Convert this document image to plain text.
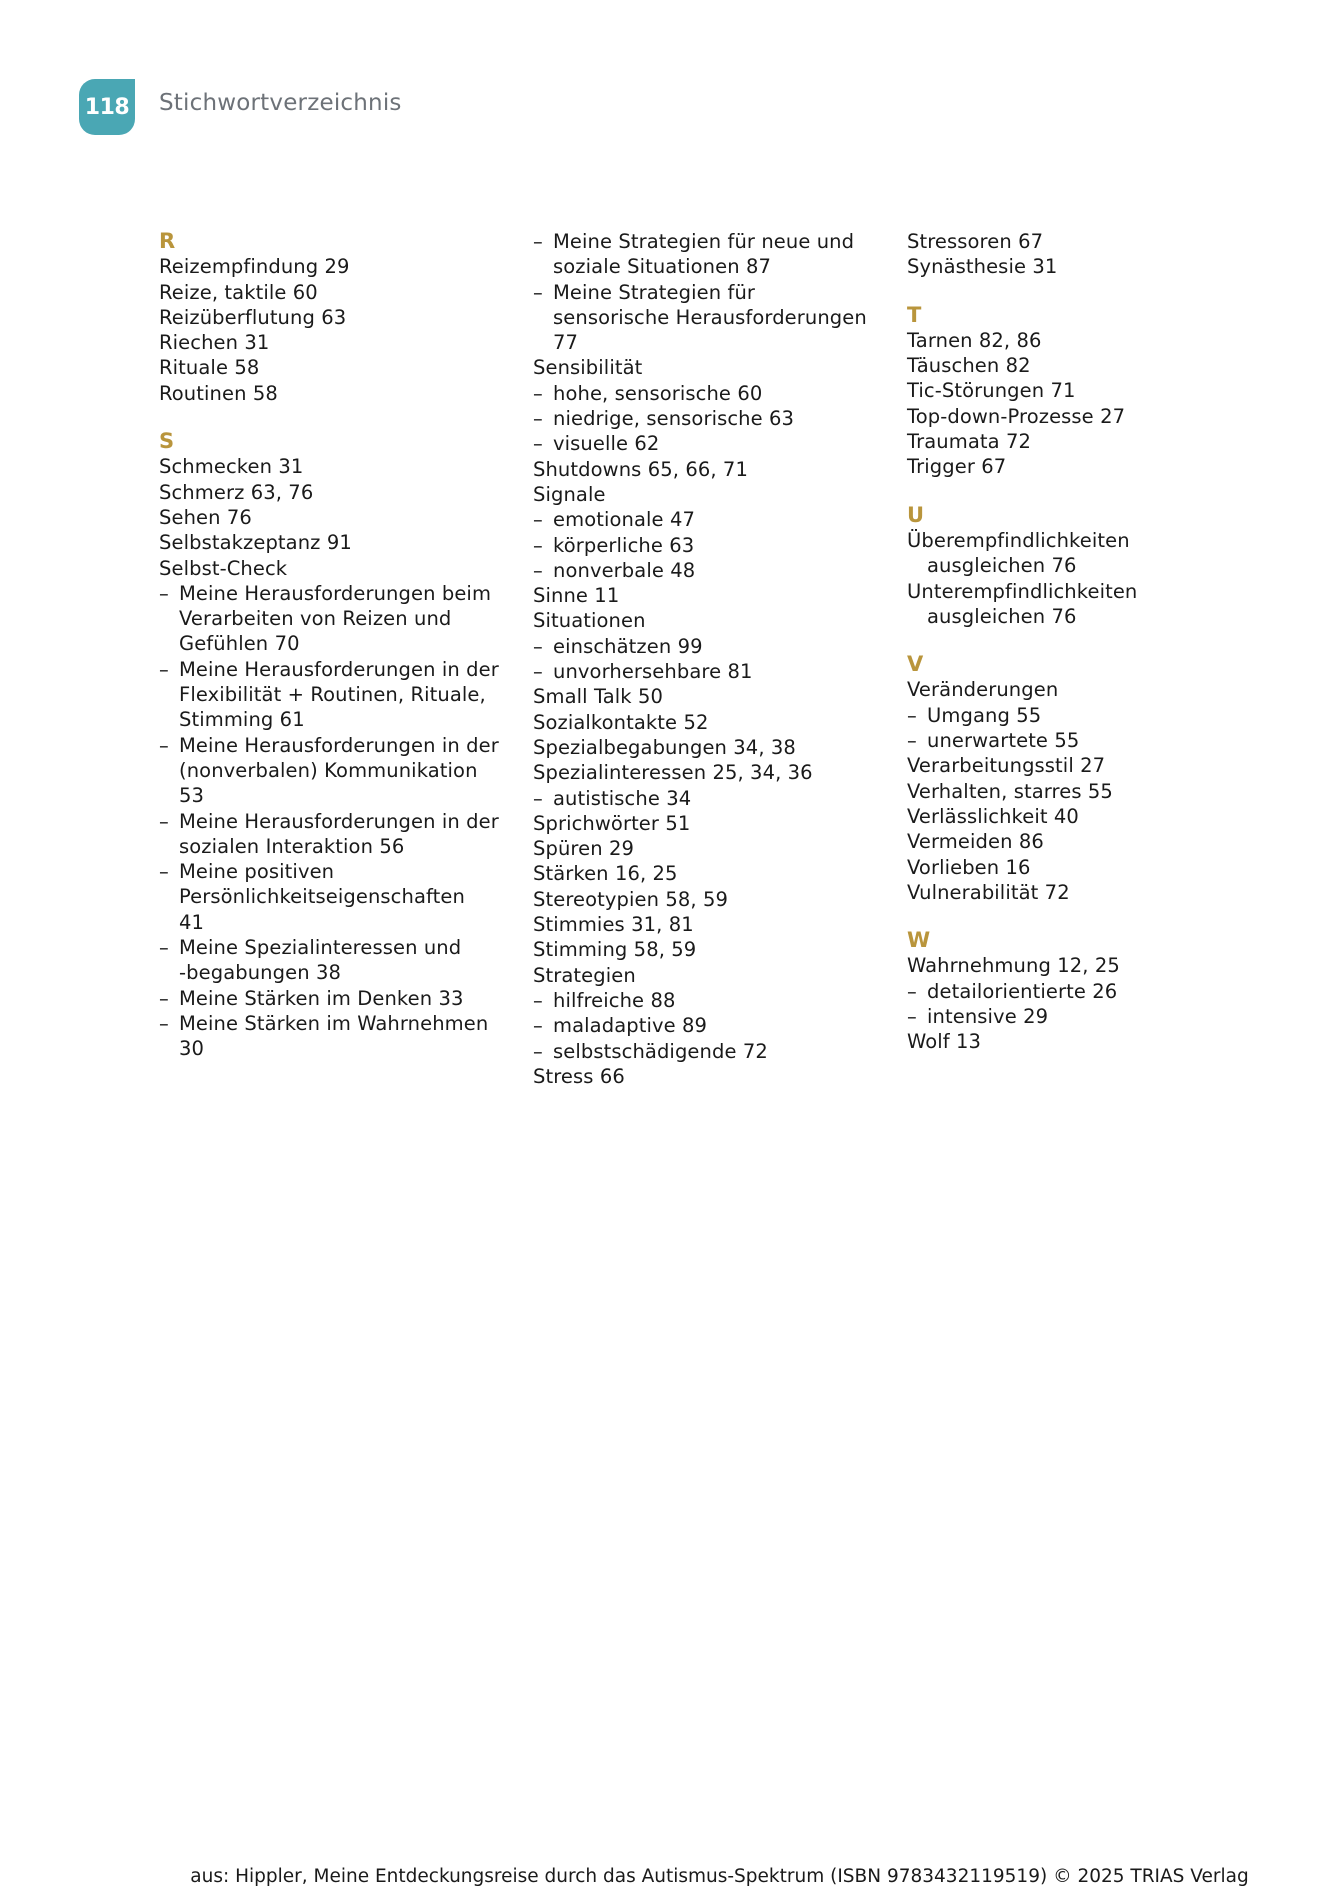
118 Stichwortverzeichnis
R
Reizempfindung 29
Reize, taktile 60
Reizüberflutung 63
Riechen 31
Rituale 58
Routinen 58
S
Schmecken 31
Schmerz 63, 76
Sehen 76
Selbstakzeptanz 91
Selbst-Check
– Meine Herausforderungen beim
Verarbeiten von Reizen und
Gefühlen 70
– Meine Herausforderungen in der
Flexibilität + Routinen, Rituale,
Stimming 61
– Meine Herausforderungen in der
(nonverbalen) Kommunikation
53
– Meine Herausforderungen in der
sozialen Interaktion 56
– Meine positiven
Persönlichkeitseigenschaften
41
– Meine Spezialinteressen und
-begabungen 38
– Meine Stärken im Denken 33
– Meine Stärken im Wahrnehmen
30
– Meine Strategien für neue und
soziale Situationen 87
– Meine Strategien für
sensorische Herausforderungen
77
Sensibilität
– hohe, sensorische 60
– niedrige, sensorische 63
– visuelle 62
Shutdowns 65, 66, 71
Signale
– emotionale 47
– körperliche 63
– nonverbale 48
Sinne 11
Situationen
– einschätzen 99
– unvorhersehbare 81
Small Talk 50
Sozialkontakte 52
Spezialbegabungen 34, 38
Spezialinteressen 25, 34, 36
– autistische 34
Sprichwörter 51
Spüren 29
Stärken 16, 25
Stereotypien 58, 59
Stimmies 31, 81
Stimming 58, 59
Strategien
– hilfreiche 88
– maladaptive 89
– selbstschädigende 72
Stress 66
Stressoren 67
Synästhesie 31
T
Tarnen 82, 86
Täuschen 82
Tic-Störungen 71
Top-down-Prozesse 27
Traumata 72
Trigger 67
U
Überempfindlichkeiten
ausgleichen 76
Unterempfindlichkeiten
ausgleichen 76
V
Veränderungen
– Umgang 55
– unerwartete 55
Verarbeitungsstil 27
Verhalten, starres 55
Verlässlichkeit 40
Vermeiden 86
Vorlieben 16
Vulnerabilität 72
W
Wahrnehmung 12, 25
– detailorientierte 26
– intensive 29
Wolf 13
aus: Hippler, Meine Entdeckungsreise durch das Autismus-Spektrum (ISBN 9783432119519) © 2025 TRIAS Verlag
